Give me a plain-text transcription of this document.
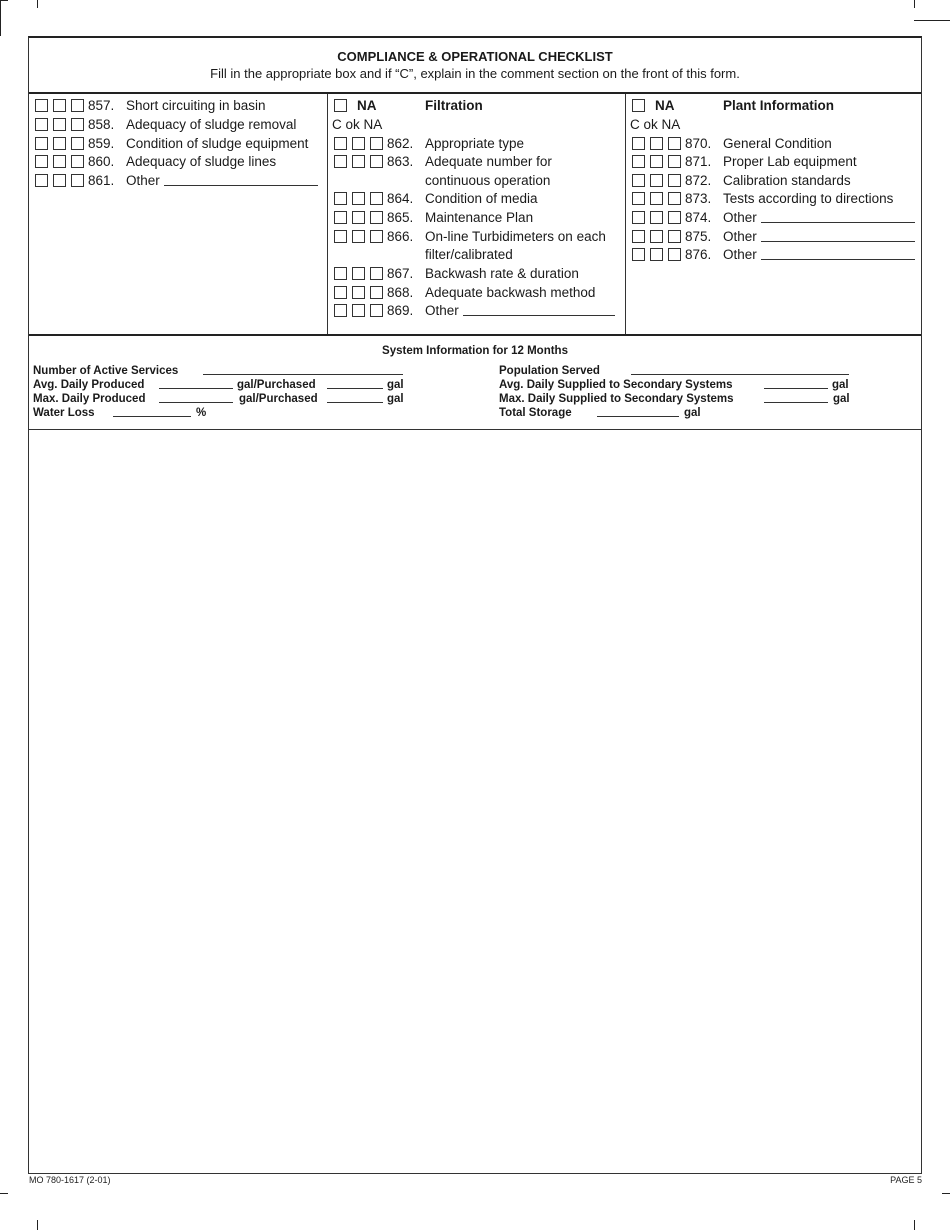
COMPLIANCE & OPERATIONAL CHECKLIST
Fill in the appropriate box and if “C”, explain in the comment section on the front of this form.
857. Short circuiting in basin
858. Adequacy of sludge removal
859. Condition of sludge equipment
860. Adequacy of sludge lines
861. Other
NA	Filtration
C ok NA
862. Appropriate type
863. Adequate number for
continuous operation
864. Condition of media
865. Maintenance Plan
866. On-line Turbidimeters on each
filter/calibrated
867. Backwash rate & duration
868. Adequate backwash method
869. Other
NA	Plant Information
C ok NA
870. General Condition
871. Proper Lab equipment
872. Calibration standards
873. Tests according to directions
874. Other
875. Other
876. Other
System Information for 12 Months
Number of Active Services
Avg. Daily Produced	gal/Purchased	gal
Max. Daily Produced	gal/Purchased	gal
Water Loss	%
Population Served
Avg. Daily Supplied to Secondary Systems	gal
Max. Daily Supplied to Secondary Systems	gal
Total Storage	gal
MO 780-1617 (2-01)	PAGE 5
